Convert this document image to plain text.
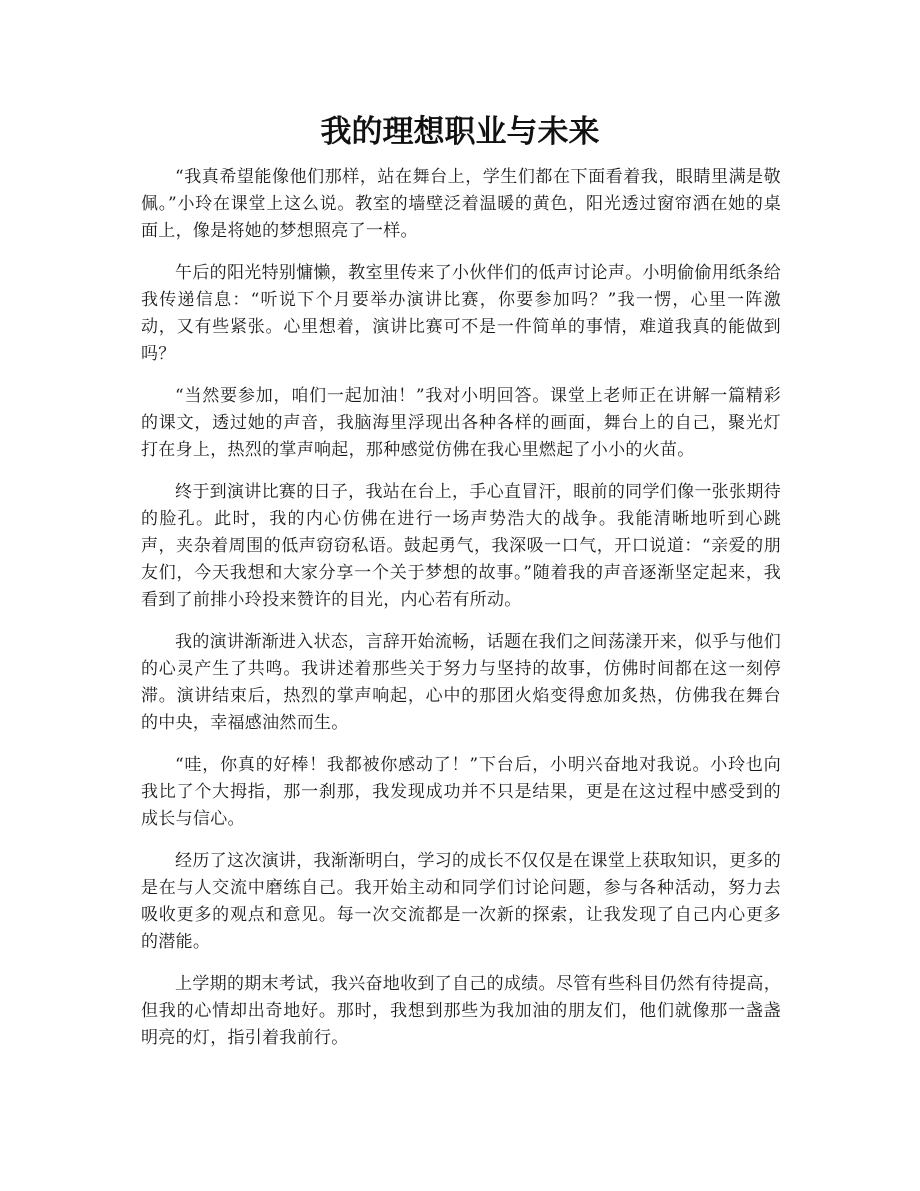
我的理想职业与未来

“我真希望能像他们那样，站在舞台上，学生们都在下面看着我，眼睛里满是敬佩。”小玲在课堂上这么说。教室的墙壁泛着温暖的黄色，阳光透过窗帘洒在她的桌面上，像是将她的梦想照亮了一样。

午后的阳光特别慵懒，教室里传来了小伙伴们的低声讨论声。小明偷偷用纸条给我传递信息：“听说下个月要举办演讲比赛，你要参加吗？”我一愣，心里一阵激动，又有些紧张。心里想着，演讲比赛可不是一件简单的事情，难道我真的能做到吗？

“当然要参加，咱们一起加油！”我对小明回答。课堂上老师正在讲解一篇精彩的课文，透过她的声音，我脑海里浮现出各种各样的画面，舞台上的自己，聚光灯打在身上，热烈的掌声响起，那种感觉仿佛在我心里燃起了小小的火苗。

终于到演讲比赛的日子，我站在台上，手心直冒汗，眼前的同学们像一张张期待的脸孔。此时，我的内心仿佛在进行一场声势浩大的战争。我能清晰地听到心跳声，夹杂着周围的低声窃窃私语。鼓起勇气，我深吸一口气，开口说道：“亲爱的朋友们，今天我想和大家分享一个关于梦想的故事。”随着我的声音逐渐坚定起来，我看到了前排小玲投来赞许的目光，内心若有所动。

我的演讲渐渐进入状态，言辞开始流畅，话题在我们之间荡漾开来，似乎与他们的心灵产生了共鸣。我讲述着那些关于努力与坚持的故事，仿佛时间都在这一刻停滞。演讲结束后，热烈的掌声响起，心中的那团火焰变得愈加炙热，仿佛我在舞台的中央，幸福感油然而生。

“哇，你真的好棒！我都被你感动了！”下台后，小明兴奋地对我说。小玲也向我比了个大拇指，那一刹那，我发现成功并不只是结果，更是在这过程中感受到的成长与信心。

经历了这次演讲，我渐渐明白，学习的成长不仅仅是在课堂上获取知识，更多的是在与人交流中磨练自己。我开始主动和同学们讨论问题，参与各种活动，努力去吸收更多的观点和意见。每一次交流都是一次新的探索，让我发现了自己内心更多的潜能。

上学期的期末考试，我兴奋地收到了自己的成绩。尽管有些科目仍然有待提高，但我的心情却出奇地好。那时，我想到那些为我加油的朋友们，他们就像那一盏盏明亮的灯，指引着我前行。
